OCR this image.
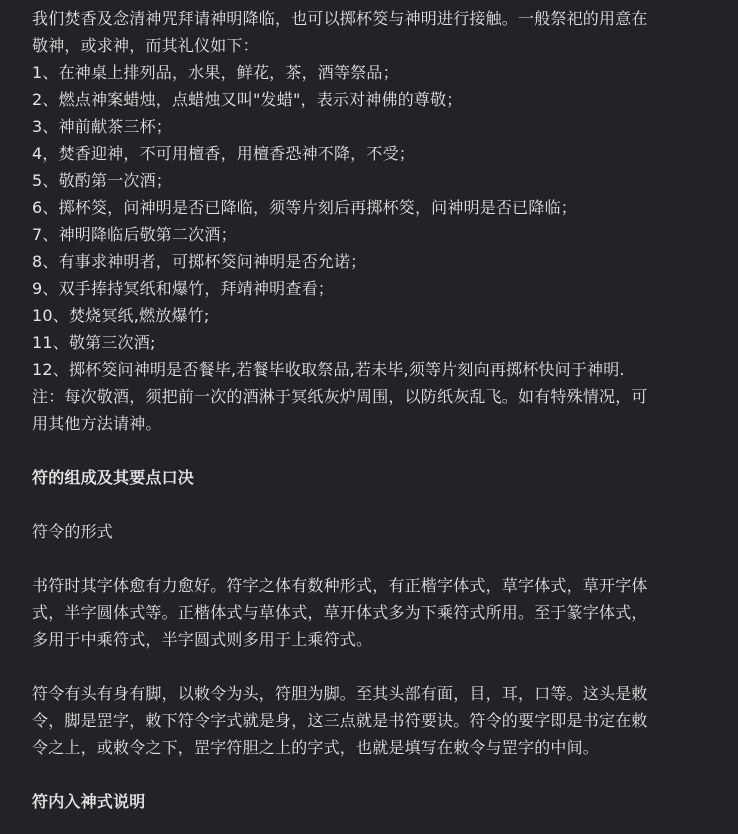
我们焚香及念清神咒拜请神明降临，也可以掷杯筊与神明进行接触。一般祭祀的用意在
敬神，或求神，而其礼仪如下：
1、在神桌上排列品，水果，鲜花，茶，酒等祭品；
2、燃点神案蜡烛，点蜡烛又叫"发蜡"，表示对神佛的尊敬；
3、神前献茶三杯；
4，焚香迎神，不可用檀香，用檀香恐神不降，不受；
5、敬酌第一次酒；
6、掷杯筊，问神明是否已降临，须等片刻后再掷杯筊，问神明是否已降临；
7、神明降临后敬第二次酒；
8、有事求神明者，可掷杯筊问神明是否允诺；
9、双手捧持冥纸和爆竹，拜靖神明查看；
10、焚烧冥纸,燃放爆竹;
11、敬第三次酒;
12、掷杯筊问神明是否餐毕,若餐毕收取祭品,若未毕,须等片刻向再掷杯快问于神明.
注：每次敬酒，须把前一次的酒淋于冥纸灰炉周围，以防纸灰乱飞。如有特殊情况，可
用其他方法请神。
符的组成及其要点口决
符令的形式
书符时其字体愈有力愈好。符字之体有数种形式，有正楷字体式，草字体式，草开字体
式，半字圆体式等。正楷体式与草体式，草开体式多为下乘符式所用。至于篆字体式，
多用于中乘符式，半字圆式则多用于上乘符式。
符令有头有身有脚，以敕令为头，符胆为脚。至其头部有面，目，耳，口等。这头是敕
令，脚是罡字，敕下符令字式就是身，这三点就是书符要诀。符令的要字即是书定在敕
令之上，或敕令之下，罡字符胆之上的字式，也就是填写在敕令与罡字的中间。
符内入神式说明
